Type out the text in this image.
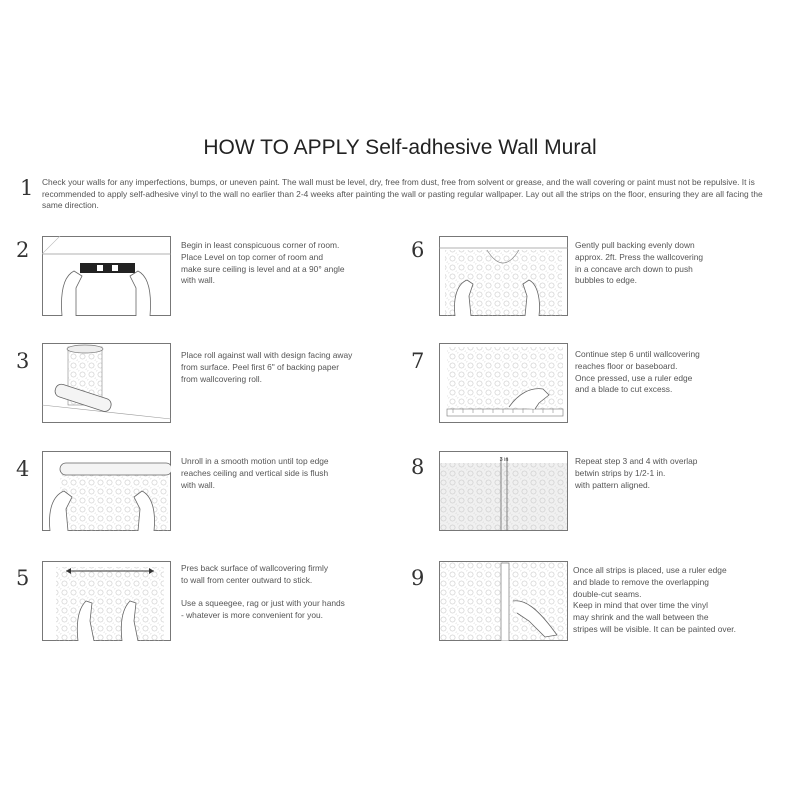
HOW TO APPLY Self-adhesive Wall Mural
1 Check your walls for any imperfections, bumps, or uneven paint. The wall must be level, dry, free from dust, free from solvent or grease, and the wall covering or paint must not be repulsive. It is recommended to apply self-adhesive vinyl to the wall no earlier than 2-4 weeks after painting the wall or pasting regular wallpaper. Lay out all the strips on the floor, ensuring they are all facing the same direction.
2	Begin in least conspicuous corner of room.
Place Level on top corner of room and
make sure ceiling is level and at a 90° angle
with wall.
3	Place roll against wall with design facing away
from surface. Peel first 6" of backing paper
from wallcovering roll.
4	Unroll in a smooth motion until top edge
reaches ceiling and vertical side is flush
with wall.
5	Pres back surface of wallcovering firmly
to wall from center outward to stick.

Use a squeegee, rag or just with your hands
- whatever is more convenient for you.
6	Gently pull backing evenly down
approx. 2ft. Press the wallcovering
in a concave arch down to push
bubbles to edge.
7	Continue step 6 until wallcovering
reaches floor or baseboard.
Once pressed, use a ruler edge
and a blade to cut excess.
8	3 in	Repeat step 3 and 4 with overlap
betwin strips by 1/2-1 in.
with pattern aligned.
9	Once all strips is placed, use a ruler edge
and blade to remove the overlapping
double-cut seams.
Keep in mind that over time the vinyl
may shrink and the wall between the
stripes will be visible. It can be painted over.
